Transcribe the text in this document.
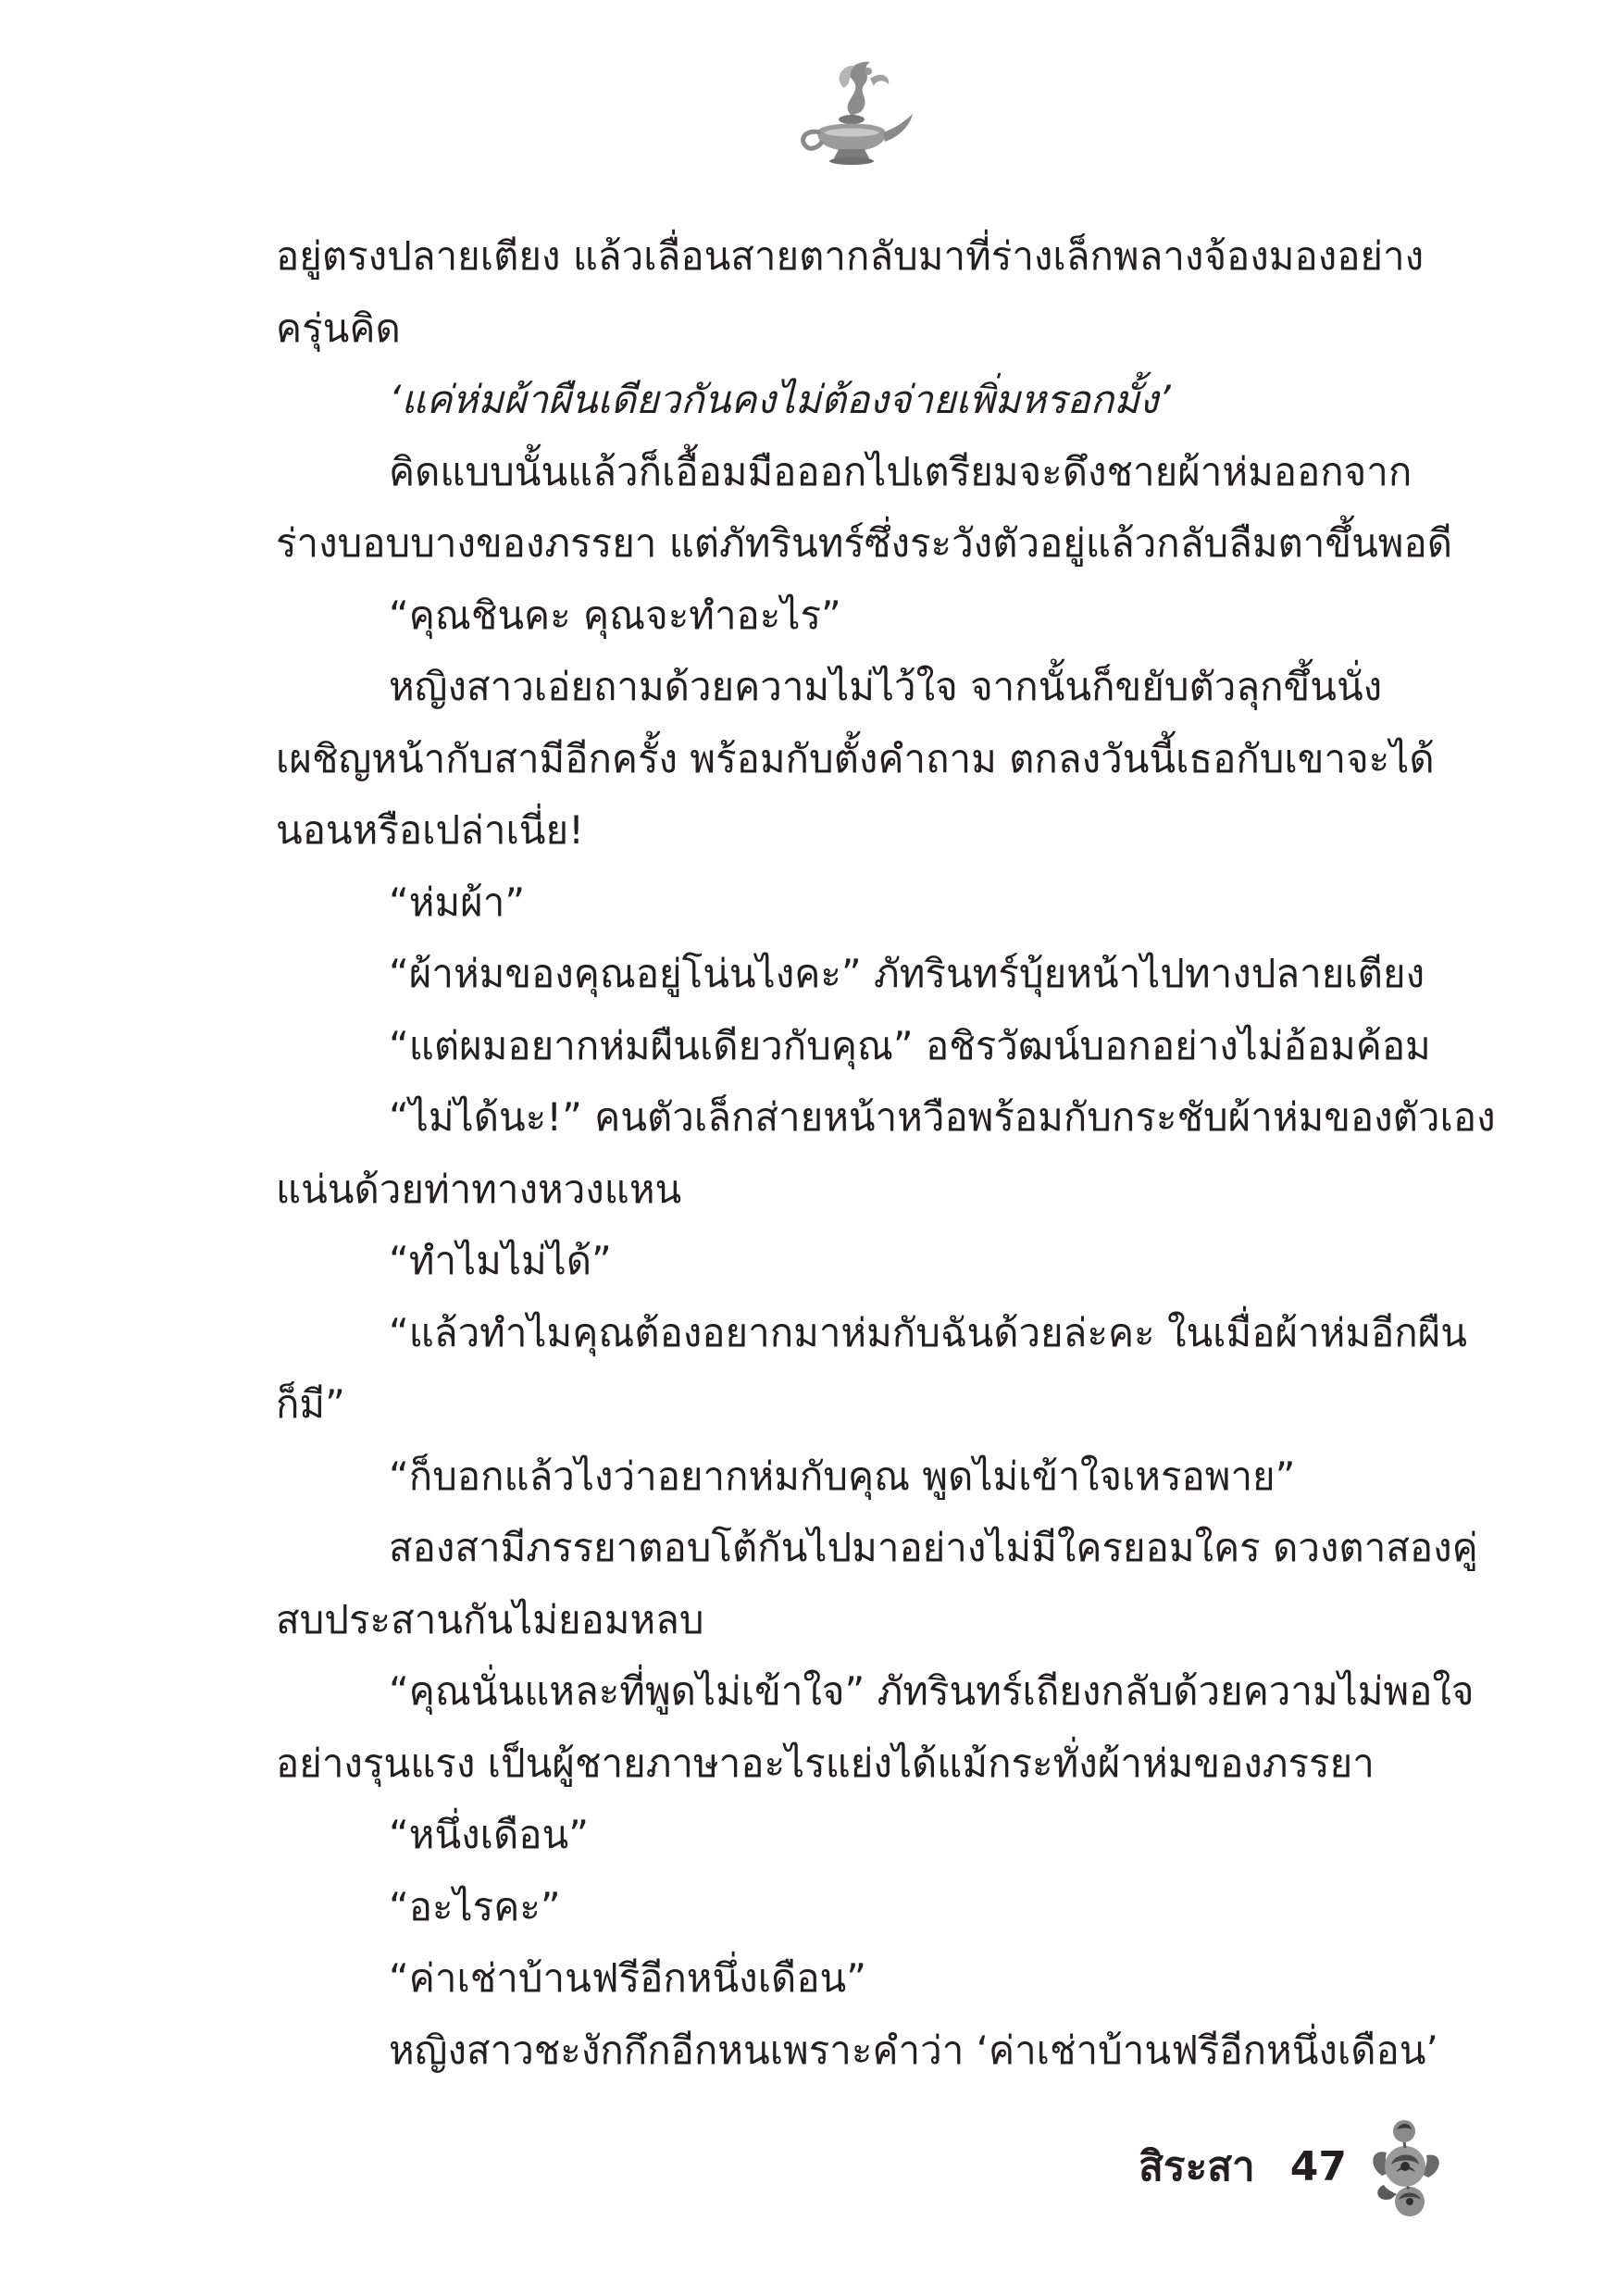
อยู่ตรงปลายเตียง แล้วเลื่อนสายตากลับมาที่ร่างเล็กพลางจ้องมองอย่าง
ครุ่นคิด
‘แค่ห่มผ้าผืนเดียวกันคงไม่ต้องจ่ายเพิ่มหรอกมั้ง’
คิดแบบนั้นแล้วก็เอื้อมมือออกไปเตรียมจะดึงชายผ้าห่มออกจาก
ร่างบอบบางของภรรยา แต่ภัทรินทร์ซึ่งระวังตัวอยู่แล้วกลับลืมตาขึ้นพอดี
“คุณชินคะ คุณจะทำอะไร”
หญิงสาวเอ่ยถามด้วยความไม่ไว้ใจ จากนั้นก็ขยับตัวลุกขึ้นนั่ง
เผชิญหน้ากับสามีอีกครั้ง พร้อมกับตั้งคำถาม ตกลงวันนี้เธอกับเขาจะได้
นอนหรือเปล่าเนี่ย!
“ห่มผ้า”
“ผ้าห่มของคุณอยู่โน่นไงคะ” ภัทรินทร์บุ้ยหน้าไปทางปลายเตียง
“แต่ผมอยากห่มผืนเดียวกับคุณ” อชิรวัฒน์บอกอย่างไม่อ้อมค้อม
“ไม่ได้นะ!” คนตัวเล็กส่ายหน้าหวือพร้อมกับกระชับผ้าห่มของตัวเอง
แน่นด้วยท่าทางหวงแหน
“ทำไมไม่ได้”
“แล้วทำไมคุณต้องอยากมาห่มกับฉันด้วยล่ะคะ ในเมื่อผ้าห่มอีกผืน
ก็มี”
“ก็บอกแล้วไงว่าอยากห่มกับคุณ พูดไม่เข้าใจเหรอพาย”
สองสามีภรรยาตอบโต้กันไปมาอย่างไม่มีใครยอมใคร ดวงตาสองคู่
สบประสานกันไม่ยอมหลบ
“คุณนั่นแหละที่พูดไม่เข้าใจ” ภัทรินทร์เถียงกลับด้วยความไม่พอใจ
อย่างรุนแรง เป็นผู้ชายภาษาอะไรแย่งได้แม้กระทั่งผ้าห่มของภรรยา
“หนึ่งเดือน”
“อะไรคะ”
“ค่าเช่าบ้านฟรีอีกหนึ่งเดือน”
หญิงสาวชะงักกึกอีกหนเพราะคำว่า ‘ค่าเช่าบ้านฟรีอีกหนึ่งเดือน’
สิระสา 47
